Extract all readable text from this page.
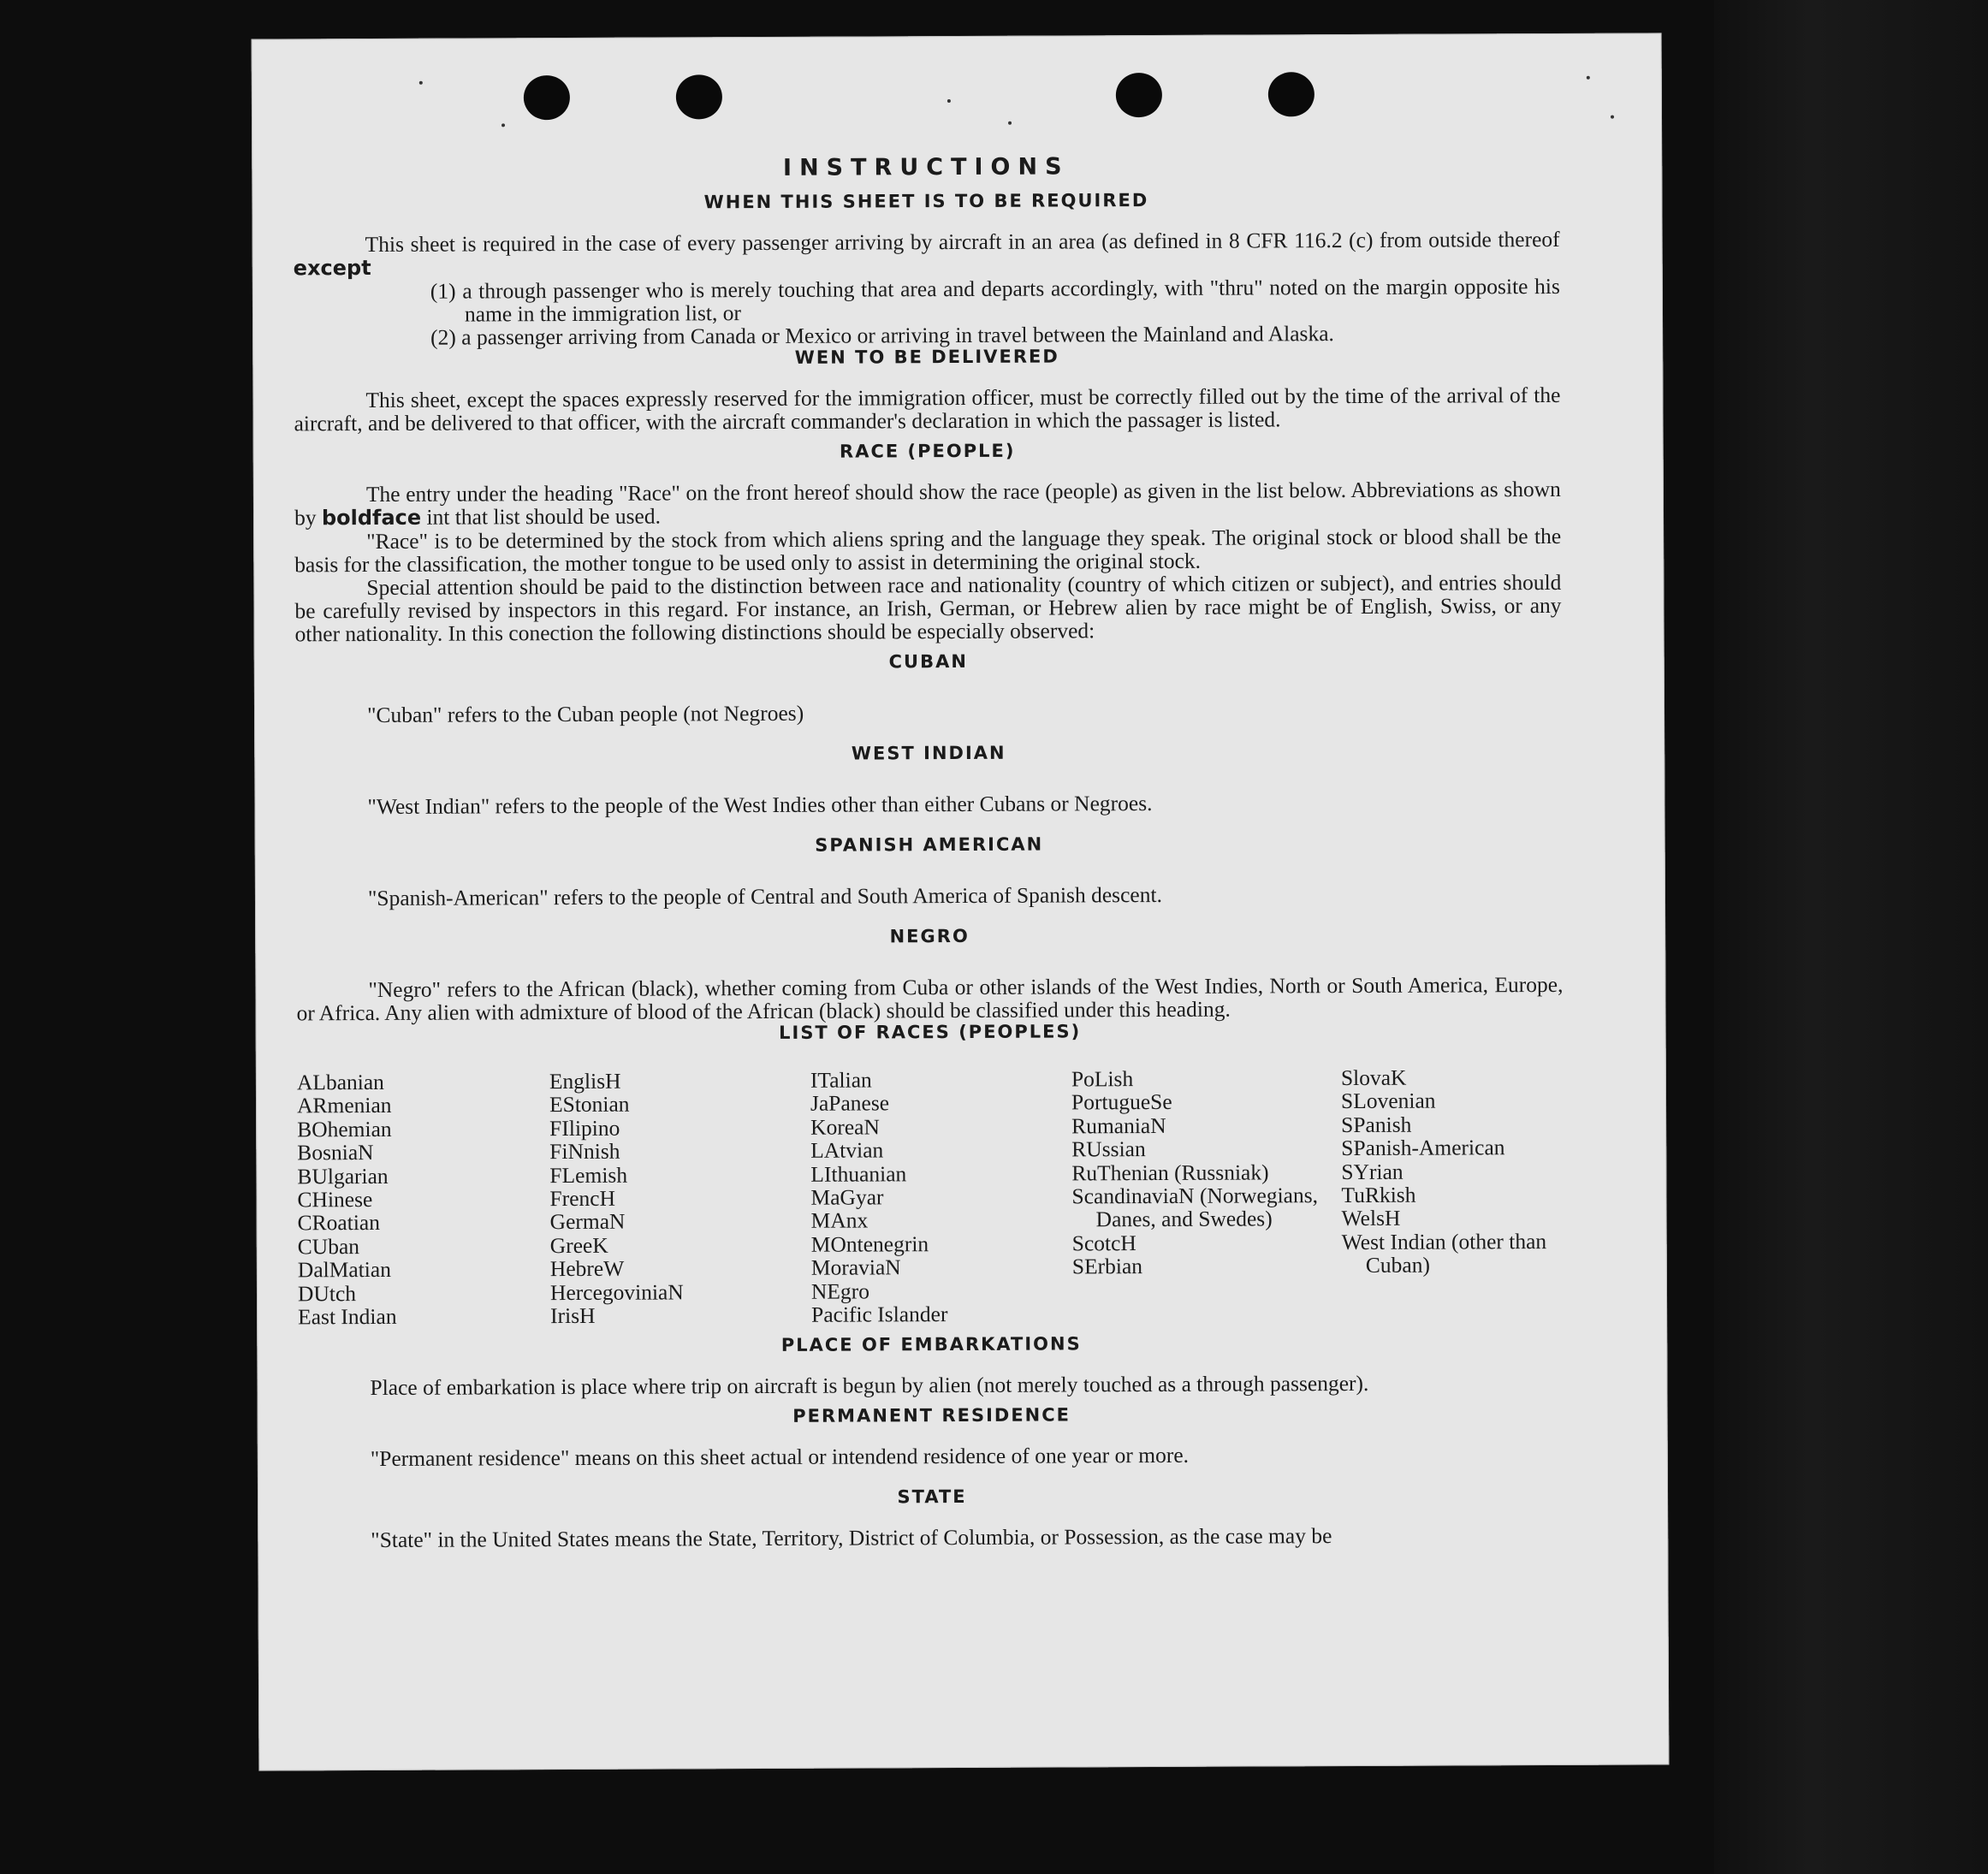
INSTRUCTIONS
WHEN THIS SHEET IS TO BE REQUIRED

This sheet is required in the case of every passenger arriving by aircraft in an area (as defined in 8 CFR 116.2 (c) from outside thereof except

(1) a through passenger who is merely touching that area and departs accordingly, with "thru" noted on the margin opposite his name in the immigration list, or

(2) a passenger arriving from Canada or Mexico or arriving in travel between the Mainland and Alaska.

WEN TO BE DELIVERED

This sheet, except the spaces expressly reserved for the immigration officer, must be correctly filled out by the time of the arrival of the aircraft, and be delivered to that officer, with the aircraft commander's declaration in which the passager is listed.

RACE (PEOPLE)

The entry under the heading "Race" on the front hereof should show the race (people) as given in the list below. Abbreviations as shown by boldface int that list should be used.

"Race" is to be determined by the stock from which aliens spring and the language they speak. The original stock or blood shall be the basis for the classification, the mother tongue to be used only to assist in determining the original stock.

Special attention should be paid to the distinction between race and nationality (country of which citizen or subject), and entries should be carefully revised by inspectors in this regard. For instance, an Irish, German, or Hebrew alien by race might be of English, Swiss, or any other nationality. In this conection the following distinctions should be especially observed:

CUBAN

"Cuban" refers to the Cuban people (not Negroes)

WEST INDIAN

"West Indian" refers to the people of the West Indies other than either Cubans or Negroes.

SPANISH AMERICAN

"Spanish-American" refers to the people of Central and South America of Spanish descent.

NEGRO

"Negro" refers to the African (black), whether coming from Cuba or other islands of the West Indies, North or South America, Europe, or Africa. Any alien with admixture of blood of the African (black) should be classified under this heading.

LIST OF RACES (PEOPLES)
ALbanian
ARmenian
BOhemian
BosniaN
BUlgarian
CHinese
CRoatian
CUban
DalMatian
DUtch
East Indian
EnglisH
EStonian
FIlipino
FiNnish
FLemish
FrencH
GermaN
GreeK
HebreW
HercegoviniaN
IrisH
ITalian
JaPanese
KoreaN
LAtvian
LIthuanian
MaGyar
MAnx
MOntenegrin
MoraviaN
NEgro
Pacific Islander
PoLish
PortugueSe
RumaniaN
RUssian
RuThenian (Russniak)
ScandinaviaN (Norwegians, Danes, and Swedes)
ScotcH
SErbian
SlovaK
SLovenian
SPanish
SPanish-American
SYrian
TuRkish
WelsH
West Indian (other than Cuban)
PLACE OF EMBARKATIONS

Place of embarkation is place where trip on aircraft is begun by alien (not merely touched as a through passenger).

PERMANENT RESIDENCE

"Permanent residence" means on this sheet actual or intendend residence of one year or more.

STATE

"State" in the United States means the State, Territory, District of Columbia, or Possession, as the case may be
